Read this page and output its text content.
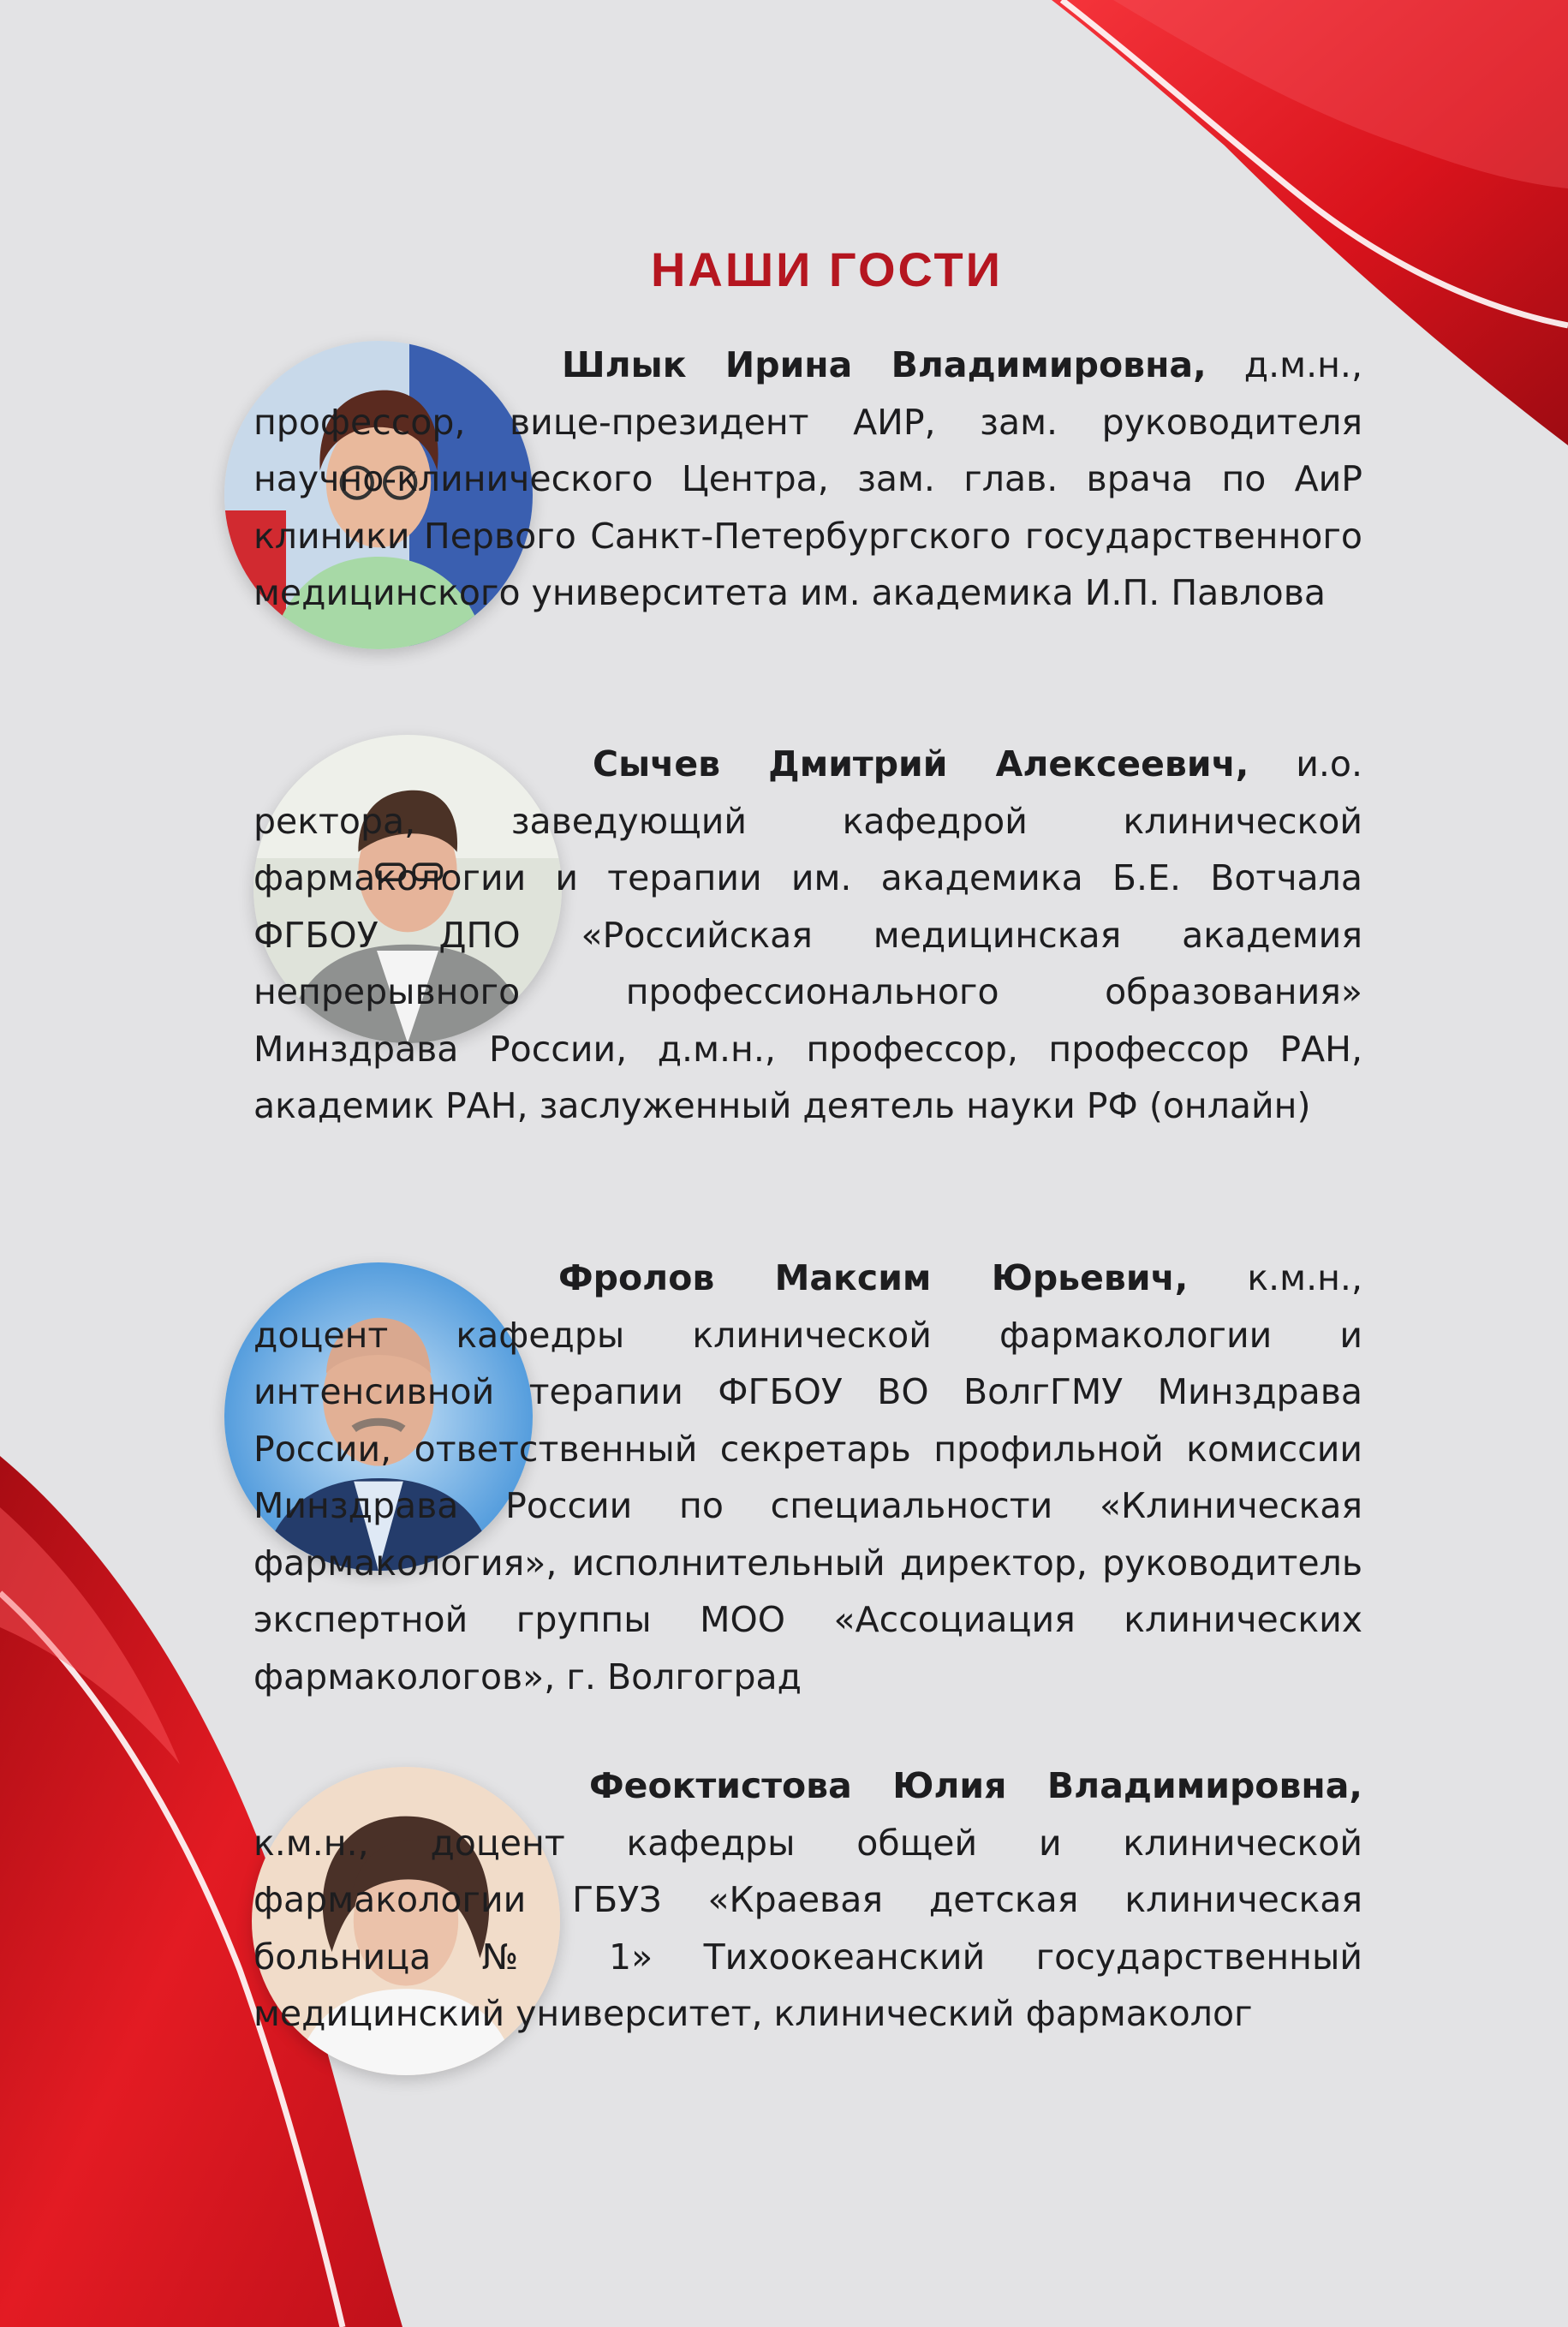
НАШИ ГОСТИ

Шлык Ирина Владимировна, д.м.н., профессор, вице-президент АИР, зам. руководителя научно-клинического Центра, зам. глав. врача по АиР клиники Первого Санкт-Петербургского государственного медицинского университета им. академика И.П. Павлова

Сычев Дмитрий Алексеевич, и.о. ректора, заведующий кафедрой клинической фармакологии и терапии им. академика Б.Е. Вотчала ФГБОУ ДПО «Российская медицинская академия непрерывного профессионального образования» Минздрава России, д.м.н., профессор, профессор РАН, академик РАН, заслуженный деятель науки РФ (онлайн)

Фролов Максим Юрьевич, к.м.н., доцент кафедры клинической фармакологии и интенсивной терапии ФГБОУ ВО ВолгГМУ Минздрава России, ответственный секретарь профильной комиссии Минздрава России по специальности «Клиническая фармакология», исполнительный директор, руководитель экспертной группы МОО «Ассоциация клинических фармакологов», г. Волгоград

Феоктистова Юлия Владимировна, к.м.н., доцент кафедры общей и клинической фармакологии ГБУЗ «Краевая детская клиническая больница № 1» Тихоокеанский государственный медицинский университет, клинический фармаколог
